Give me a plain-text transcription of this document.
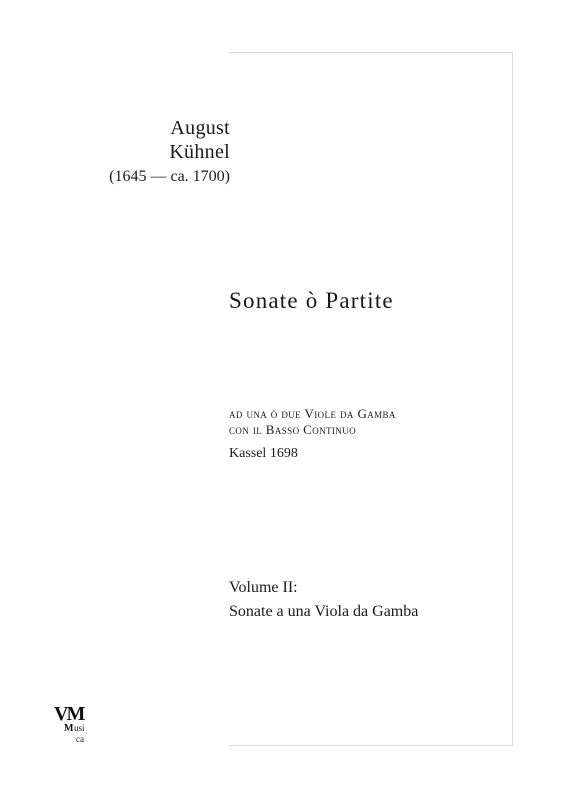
August
Kühnel
(1645 — ca. 1700)
Sonate ò Partite
ad una ò due Viole da Gamba
con il Basso Continuo
Kassel 1698
Volume II:
Sonate a una Viola da Gamba
VM
M usi
ca
